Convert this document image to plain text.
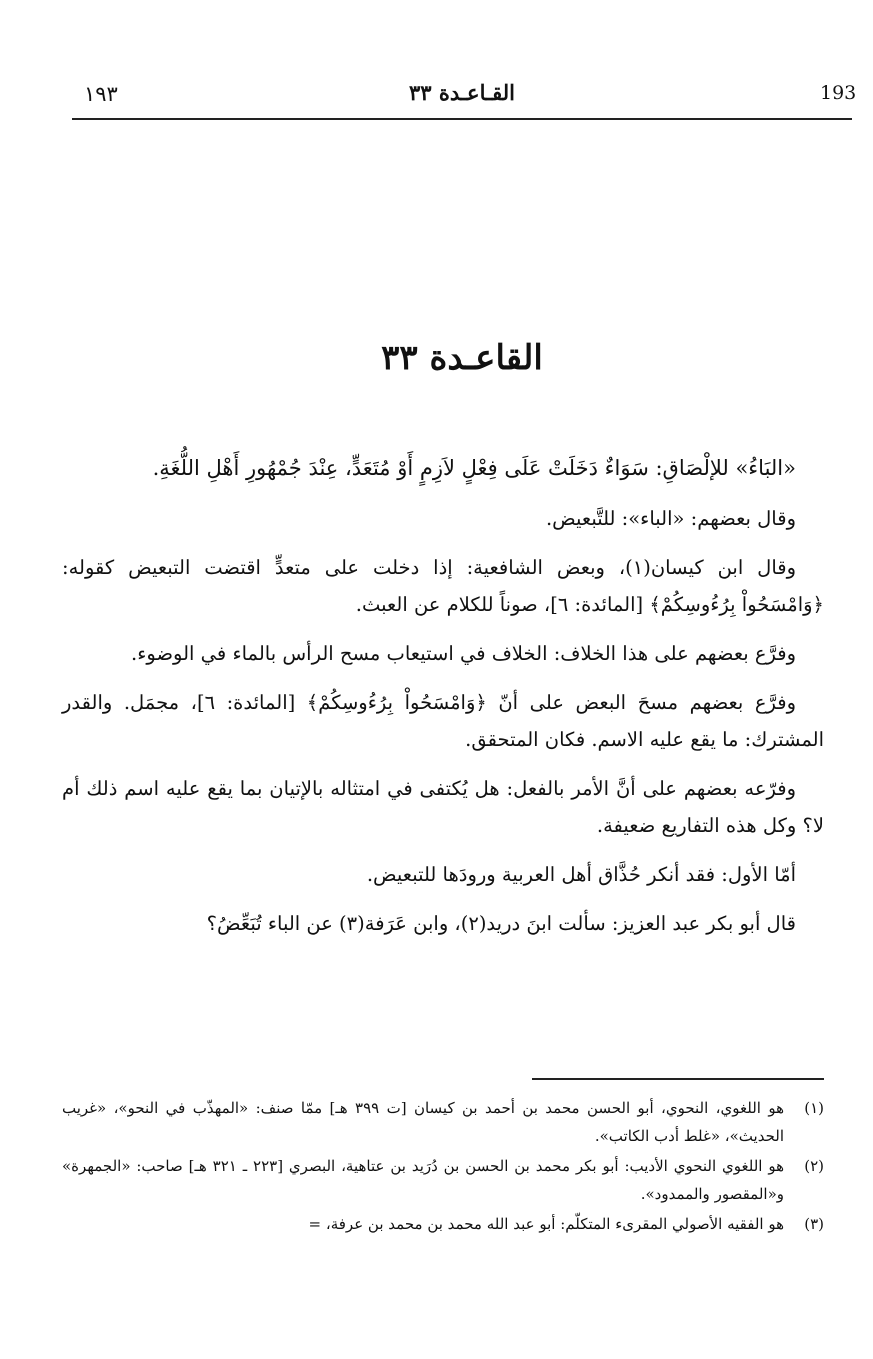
193
القـاعـدة ٣٣
١٩٣
القاعـدة ٣٣

«البَاءُ» للإلْصَاقِ: سَوَاءٌ دَخَلَتْ عَلَى فِعْلٍ لاَزِمٍ أَوْ مُتَعَدٍّ، عِنْدَ جُمْهُورِ أَهْلِ اللُّغَةِ.

وقال بعضهم: «الباء»: للتَّبعيض.

وقال ابن كيسان(١)، وبعض الشافعية: إذا دخلت على متعدٍّ اقتضت التبعيض كقوله: ﴿وَامْسَحُواْ بِرُءُوسِكُمْ﴾ [المائدة: ٦]، صوناً للكلام عن العبث.

وفرَّع بعضهم على هذا الخلاف: الخلاف في استيعاب مسح الرأس بالماء في الوضوء.

وفرَّع بعضهم مسحَ البعض على أنّ ﴿وَامْسَحُواْ بِرُءُوسِكُمْ﴾ [المائدة: ٦]، مجمَل. والقدر المشترك: ما يقع عليه الاسم. فكان المتحقق.

وفرّعه بعضهم على أنَّ الأمر بالفعل: هل يُكتفى في امتثاله بالإتيان بما يقع عليه اسم ذلك أم لا؟ وكل هذه التفاريع ضعيفة.

أمّا الأول: فقد أنكر حُذَّاق أهل العربية ورودَها للتبعيض.

قال أبو بكر عبد العزيز: سألت ابنَ دريد(٢)، وابن عَرَفة(٣) عن الباء تُبَعِّضُ؟

(١)
هو اللغوي، النحوي، أبو الحسن محمد بن أحمد بن كيسان [ت ٣٩٩ هـ] ممّا صنف: «المهذّب في النحو»، «غريب الحديث»، «غلط أدب الكاتب».
(٢)
هو اللغوي النحوي الأديب: أبو بكر محمد بن الحسن بن دُرَيد بن عتاهية، البصري [٢٢٣ ـ ٣٢١ هـ] صاحب: «الجمهرة» و«المقصور والممدود».
(٣)
هو الفقيه الأصولي المقرىء المتكلّم: أبو عبد الله محمد بن محمد بن عرفة، =
